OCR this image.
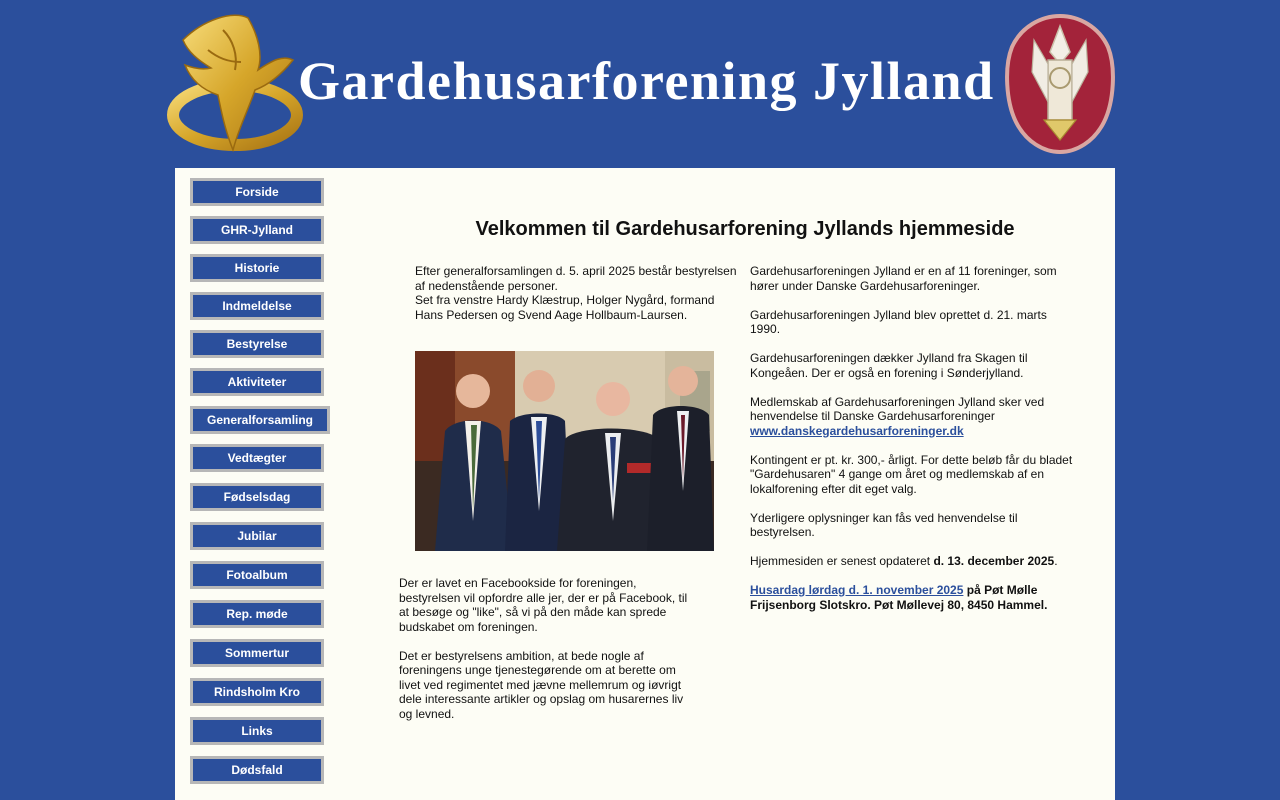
Gardehusarforening Jylland
Forside
GHR-Jylland
Historie
Indmeldelse
Bestyrelse
Aktiviteter
Generalforsamling
Vedtægter
Fødselsdag
Jubilar
Fotoalbum
Rep. møde
Sommertur
Rindsholm Kro
Links
Dødsfald
Velkommen til Gardehusarforening Jyllands hjemmeside

Efter generalforsamlingen d. 5. april 2025 består bestyrelsen af nedenstående personer.

Set fra venstre Hardy Klæstrup, Holger Nygård, formand Hans Pedersen og Svend Aage Hollbaum-Laursen.

Der er lavet en Facebookside for foreningen, bestyrelsen vil opfordre alle jer, der er på Facebook, til at besøge og "like", så vi på den måde kan sprede budskabet om foreningen.

Det er bestyrelsens ambition, at bede nogle af foreningens unge tjenestegørende om at berette om livet ved regimentet med jævne mellemrum og iøvrigt dele interessante artikler og opslag om husarernes liv og levned.

Gardehusarforeningen Jylland er en af 11 foreninger, som hører under Danske Gardehusarforeninger.

Gardehusarforeningen Jylland blev oprettet d. 21. marts 1990.

Gardehusarforeningen dækker Jylland fra Skagen til Kongeåen. Der er også en forening i Sønderjylland.

Medlemskab af Gardehusarforeningen Jylland sker ved henvendelse til Danske Gardehusarforeninger
www.danskegardehusarforeninger.dk

Kontingent er pt. kr. 300,- årligt. For dette beløb får du bladet "Gardehusaren" 4 gange om året og medlemskab af en lokalforening efter dit eget valg.

Yderligere oplysninger kan fås ved henvendelse til bestyrelsen.

Hjemmesiden er senest opdateret d. 13. december 2025.

Husardag lørdag d. 1. november 2025 på Pøt Mølle Frijsenborg Slotskro. Pøt Møllevej 80, 8450 Hammel.
